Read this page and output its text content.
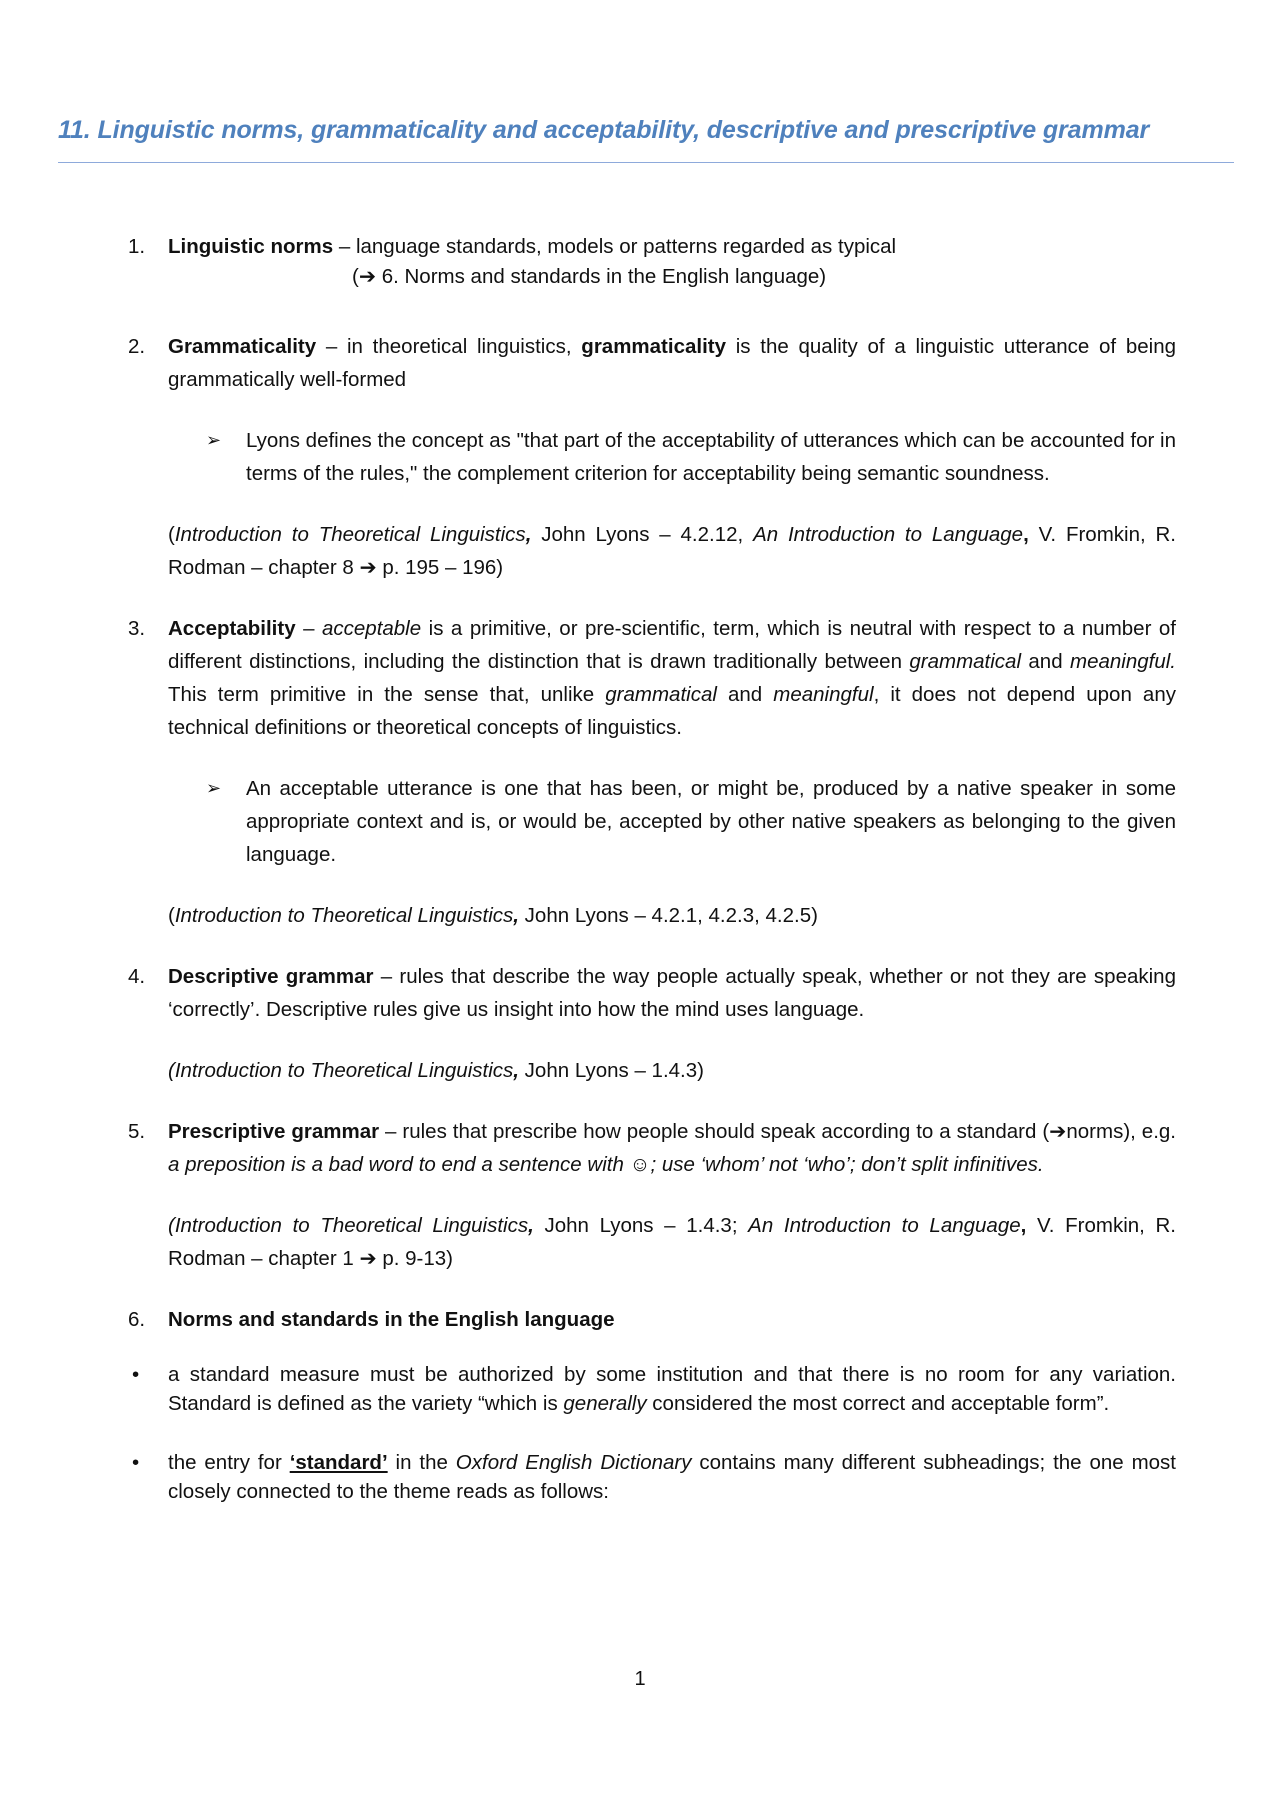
11. Linguistic norms, grammaticality and acceptability, descriptive and prescriptive grammar
1. Linguistic norms – language standards, models or patterns regarded as typical
(➔ 6. Norms and standards in the English language)
2. Grammaticality – in theoretical linguistics, grammaticality is the quality of a linguistic utterance of being grammatically well-formed
➢ Lyons defines the concept as "that part of the acceptability of utterances which can be accounted for in terms of the rules," the complement criterion for acceptability being semantic soundness.
(Introduction to Theoretical Linguistics, John Lyons – 4.2.12, An Introduction to Language, V. Fromkin, R. Rodman – chapter 8 ➔ p. 195 – 196)
3. Acceptability – acceptable is a primitive, or pre-scientific, term, which is neutral with respect to a number of different distinctions, including the distinction that is drawn traditionally between grammatical and meaningful. This term primitive in the sense that, unlike grammatical and meaningful, it does not depend upon any technical definitions or theoretical concepts of linguistics.
➢ An acceptable utterance is one that has been, or might be, produced by a native speaker in some appropriate context and is, or would be, accepted by other native speakers as belonging to the given language.
(Introduction to Theoretical Linguistics, John Lyons – 4.2.1, 4.2.3, 4.2.5)
4. Descriptive grammar – rules that describe the way people actually speak, whether or not they are speaking ‘correctly’. Descriptive rules give us insight into how the mind uses language.
(Introduction to Theoretical Linguistics, John Lyons – 1.4.3)
5. Prescriptive grammar – rules that prescribe how people should speak according to a standard (➔norms), e.g. a preposition is a bad word to end a sentence with ☺; use ‘whom’ not ‘who’; don’t split infinitives.
(Introduction to Theoretical Linguistics, John Lyons – 1.4.3; An Introduction to Language, V. Fromkin, R. Rodman – chapter 1 ➔ p. 9-13)
6. Norms and standards in the English language
• a standard measure must be authorized by some institution and that there is no room for any variation. Standard is defined as the variety “which is generally considered the most correct and acceptable form”.
• the entry for ‘standard’ in the Oxford English Dictionary contains many different subheadings; the one most closely connected to the theme reads as follows:
1
